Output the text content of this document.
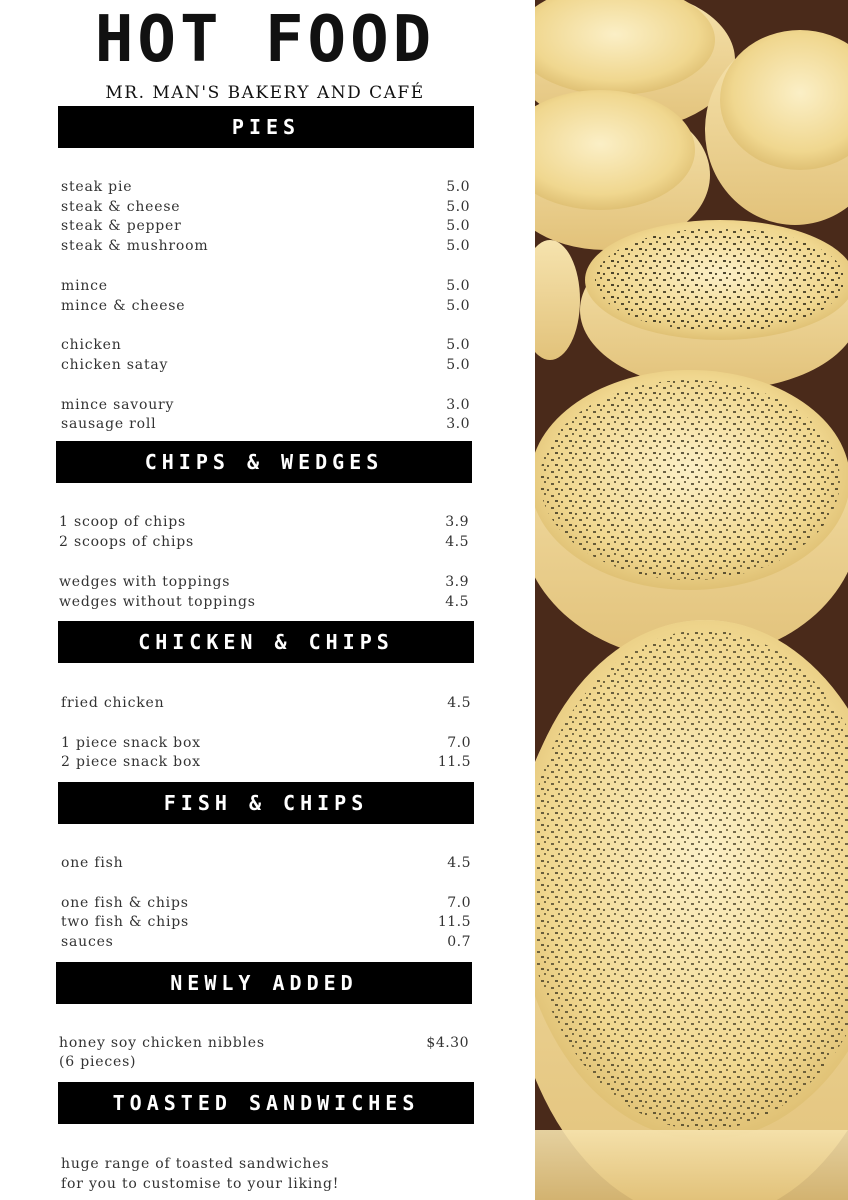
HOT FOOD
MR. MAN'S BAKERY AND CAFÉ
PIES
steak pie	5.0
steak & cheese	5.0
steak & pepper	5.0
steak & mushroom	5.0
mince	5.0
mince & cheese	5.0
chicken	5.0
chicken satay	5.0
mince savoury	3.0
sausage roll	3.0
CHIPS & WEDGES
1 scoop of chips	3.9
2 scoops of chips	4.5
wedges with toppings	3.9
wedges without toppings	4.5
CHICKEN & CHIPS
fried chicken	4.5
1 piece snack box	7.0
2 piece snack box	11.5
FISH & CHIPS
one fish	4.5
one fish & chips	7.0
two fish & chips	11.5
sauces	0.7
NEWLY ADDED
honey soy chicken nibbles
(6 pieces)
$4.30
TOASTED SANDWICHES
huge range of toasted sandwiches
for you to customise to your liking!
